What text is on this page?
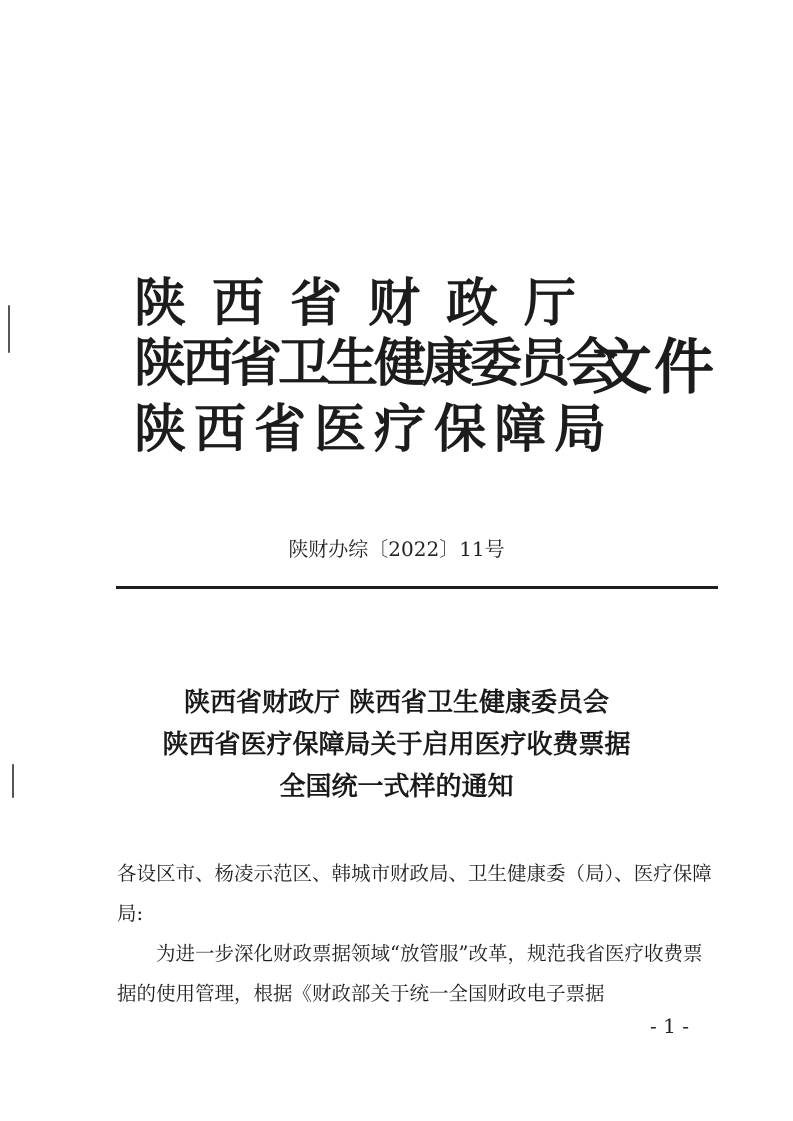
陕西省财政厅
陕西省卫生健康委员会
陕西省医疗保障局
文件
陕财办综〔2022〕11号
陕西省财政厅 陕西省卫生健康委员会
陕西省医疗保障局关于启用医疗收费票据
全国统一式样的通知

各设区市、杨凌示范区、韩城市财政局、卫生健康委（局）、医疗保障局:

为进一步深化财政票据领域“放管服”改革，规范我省医疗收费票据的使用管理，根据《财政部关于统一全国财政电子票据

- 1 -
